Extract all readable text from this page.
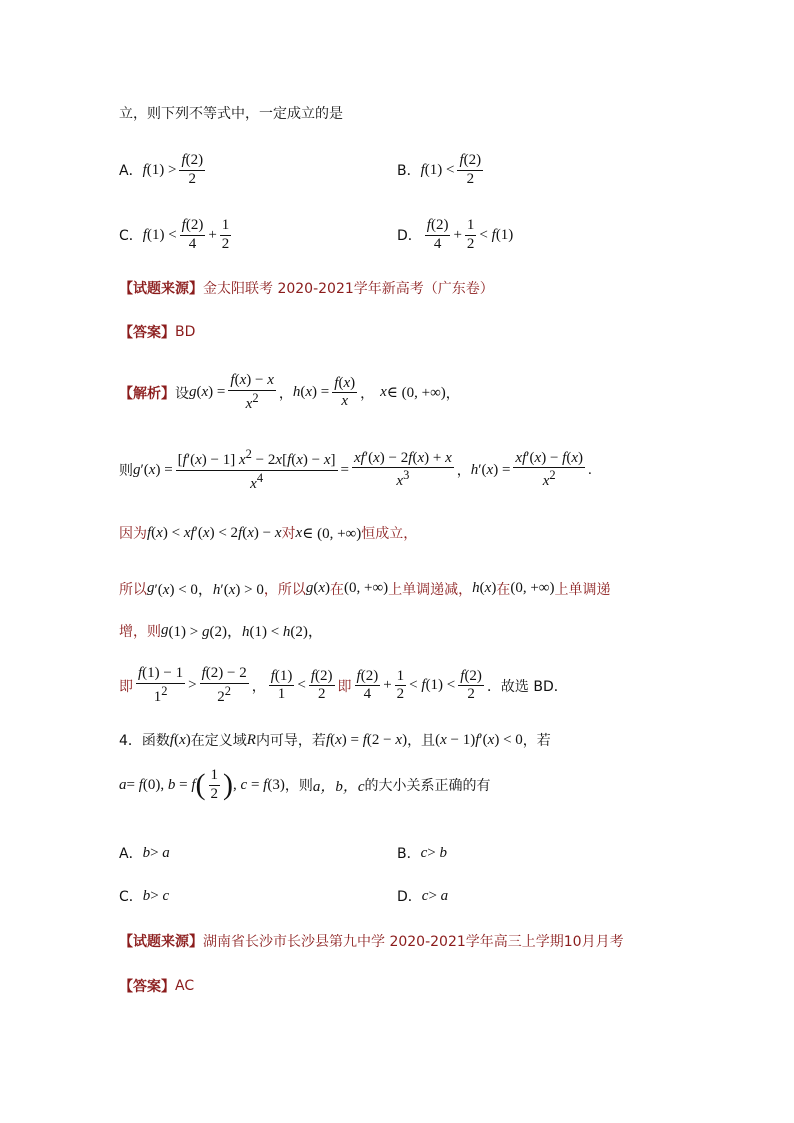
立，则下列不等式中，一定成立的是
A． f $(1) > \frac{f(2)}{2}$	B． f $(1) < \frac{f(2)}{2}$
C． f $(1) < \frac{f(2)}{4} + \frac{1}{2}$	D． $\frac{f(2)}{4} + \frac{1}{2} < f(1)$
【试题来源】 金太阳联考 2020-2021学年新高考（广东卷）
【答案】 BD
【解析】 设 g $(x) = \frac{f(x) - x}{x^2}$ ， h $(x) = \frac{f(x)}{x}$ ， x ∈ (0, +∞) ，
则 g $'(x) = \frac{[f'(x) - 1] x^2 - 2x[f(x) - x]}{x^4} = \frac{xf'(x) - 2f(x) + x}{x^3}$ ， h $'(x) = \frac{xf'(x) - f(x)}{x^2}$ .
因为 f (x) < xf′(x) < 2f(x) − x 对 x ∈ (0, +∞) 恒成立，
所以 g ′(x) < 0，h′(x) > 0 ，所以 g (x) 在 (0, +∞) 上单调递减， h (x) 在 (0, +∞) 上单调递
增，则 g (1) > g(2)，h(1) < h(2)，
即 $\frac{f(1) - 1}{1^2} > \frac{f(2) - 2}{2^2}$ ， $\frac{f(1)}{1} < \frac{f(2)}{2}$ 即 $\frac{f(2)}{4} + \frac{1}{2} < f(1) < \frac{f(2)}{2}$ ．故选 BD．
4．函数 f (x) 在定义域 R 内可导，若 f (x) = f(2 − x) ，且 (x − 1)f′(x) < 0 ，若
a = f(0), b = f ( $\frac{1}{2}$ ) , c = f(3) ，则 a，b，c 的大小关系正确的有
A． b > a	B． c > b
C． b > c	D． c > a
【试题来源】 湖南省长沙市长沙县第九中学 2020-2021学年高三上学期10月月考
【答案】 AC
